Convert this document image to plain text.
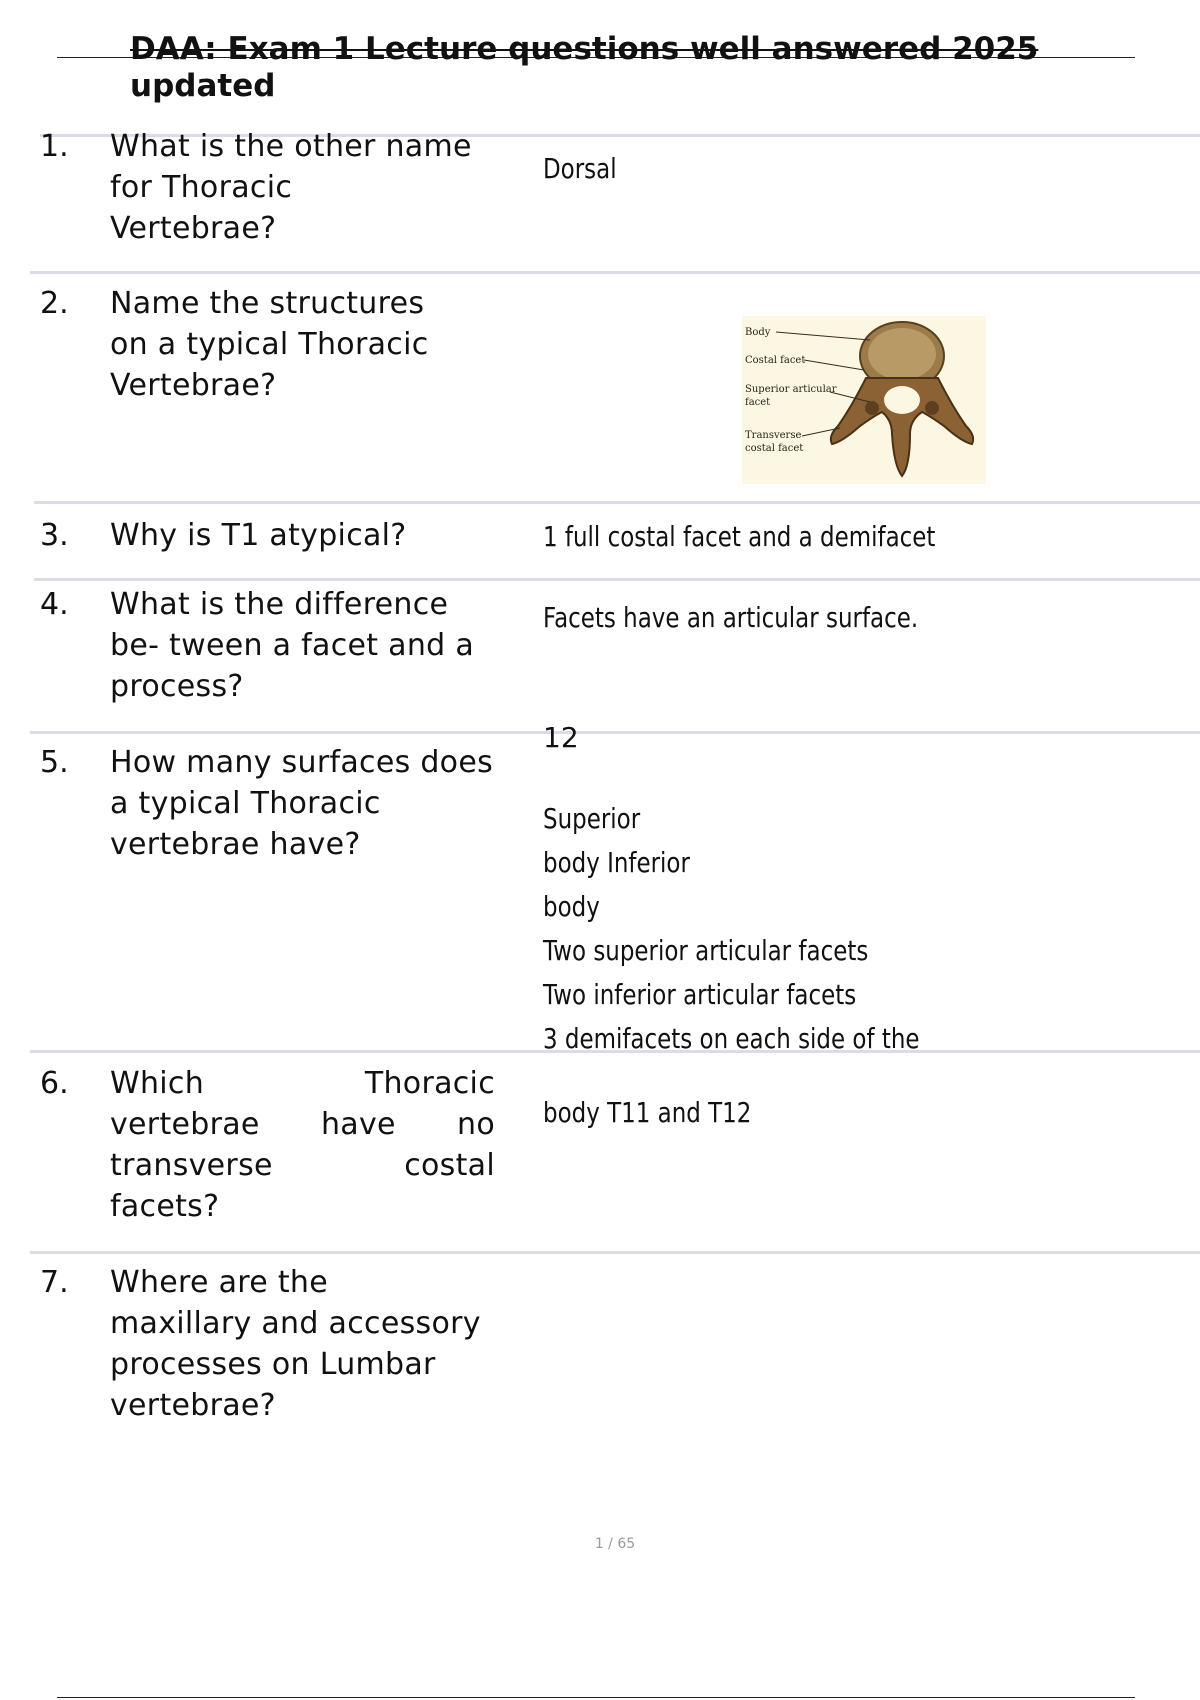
DAA: Exam 1 Lecture questions well answered 2025
updated
1. What is the other name
for Thoracic
Vertebrae?
Dorsal
2. Name the structures
on a typical Thoracic
Vertebrae?
Body
Costal facet
Superior articular
facet
Transverse
costal facet
3. Why is T1 atypical?	1 full costal facet and a demifacet
4. What is the difference
be- tween a facet and a
process?
Facets have an articular surface.
5. How many surfaces does
a typical Thoracic
vertebrae have?
12
Superior
body Inferior
body
Two superior articular facets
Two inferior articular facets
3 demifacets on each side of the
6. Which Thoracic
vertebrae have no
transverse costal
facets?
body T11 and T12
7. Where are the
maxillary and accessory
processes on Lumbar
vertebrae?
1 / 65
